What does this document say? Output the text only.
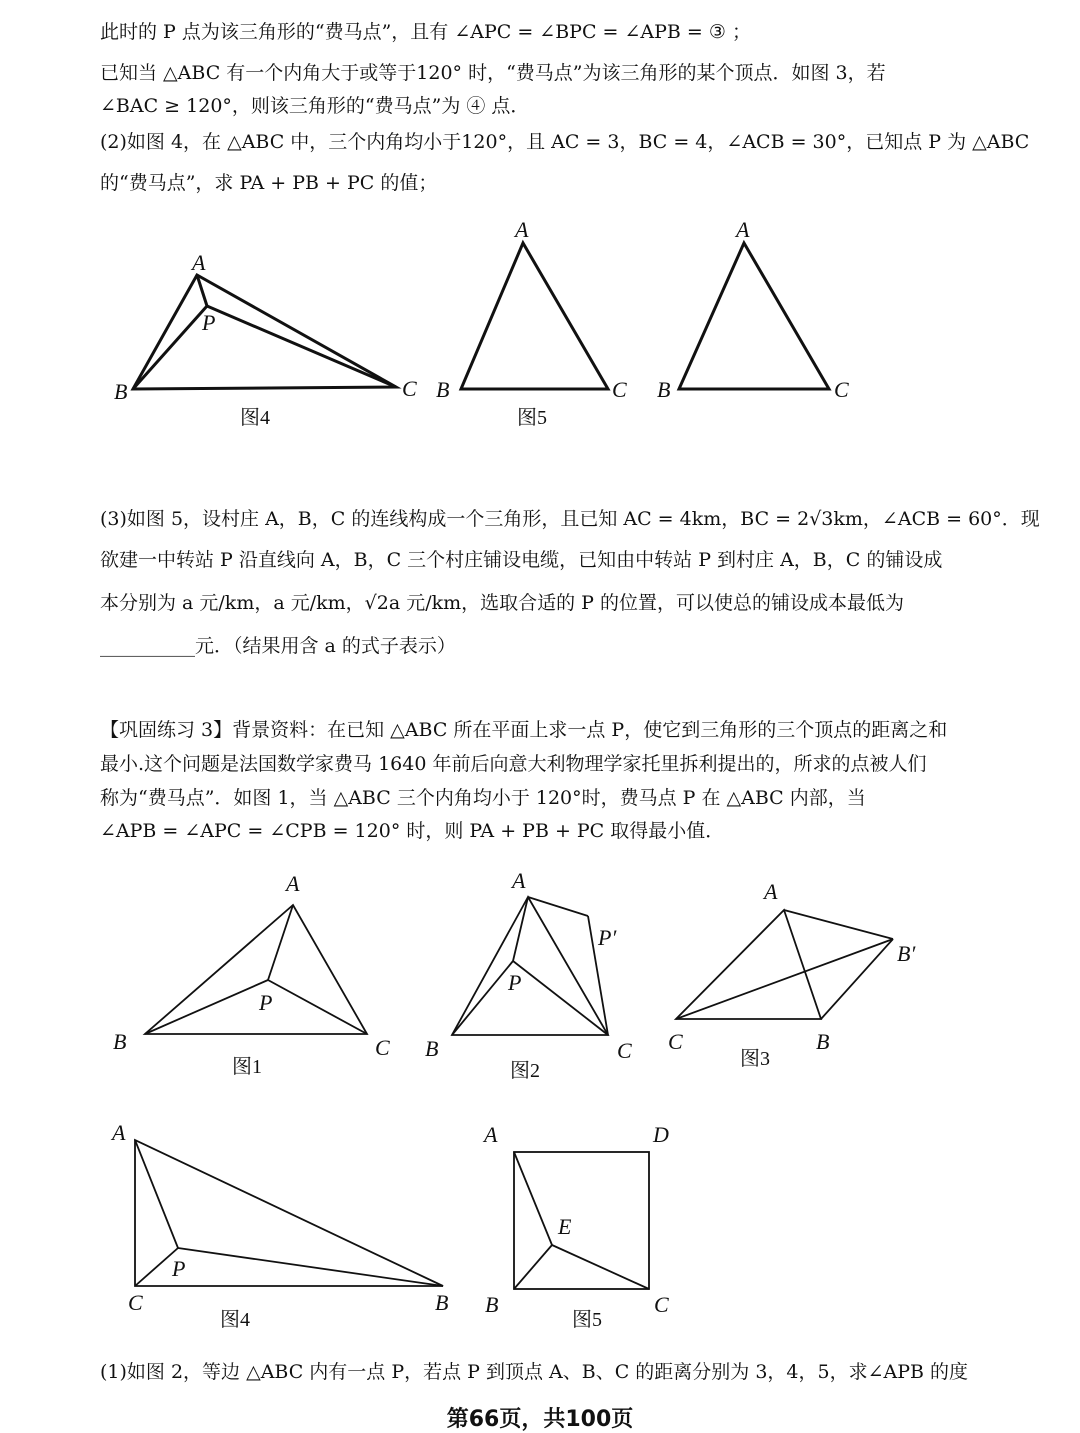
此时的 P 点为该三角形的“费马点”，且有 ∠APC = ∠BPC = ∠APB = ③ ；
已知当 △ABC 有一个内角大于或等于120° 时，“费马点”为该三角形的某个顶点．如图 3，若
∠BAC ≥ 120°，则该三角形的“费马点”为 ④ 点．
(2)如图 4，在 △ABC 中，三个内角均小于120°，且 AC = 3，BC = 4，∠ACB = 30°，已知点 P 为 △ABC
的“费马点”，求 PA + PB + PC 的值；
(3)如图 5，设村庄 A，B，C 的连线构成一个三角形，且已知 AC = 4km，BC = 2√3km，∠ACB = 60°．现
欲建一中转站 P 沿直线向 A，B，C 三个村庄铺设电缆，已知由中转站 P 到村庄 A，B，C 的铺设成
本分别为 a 元/km，a 元/km，√2a 元/km，选取合适的 P 的位置，可以使总的铺设成本最低为
__________元．（结果用含 a 的式子表示）
【巩固练习 3】背景资料：在已知 △ABC 所在平面上求一点 P，使它到三角形的三个顶点的距离之和
最小.这个问题是法国数学家费马 1640 年前后向意大利物理学家托里拆利提出的，所求的点被人们
称为“费马点”．如图 1，当 △ABC 三个内角均小于 120°时，费马点 P 在 △ABC 内部，当
∠APB = ∠APC = ∠CPB = 120° 时，则 PA + PB + PC 取得最小值．
(1)如图 2，等边 △ABC 内有一点 P，若点 P 到顶点 A、B、C 的距离分别为 3，4，5，求∠APB 的度
A
P
B	C
图4
A
B	C
图5
A
B	C
A
P
B	C
图1
A
P′
P
B	C
图2
A
B′
C	B
图3
A
P
C	B
图4
A	D
E
B	C
图5
第66页，共100页
